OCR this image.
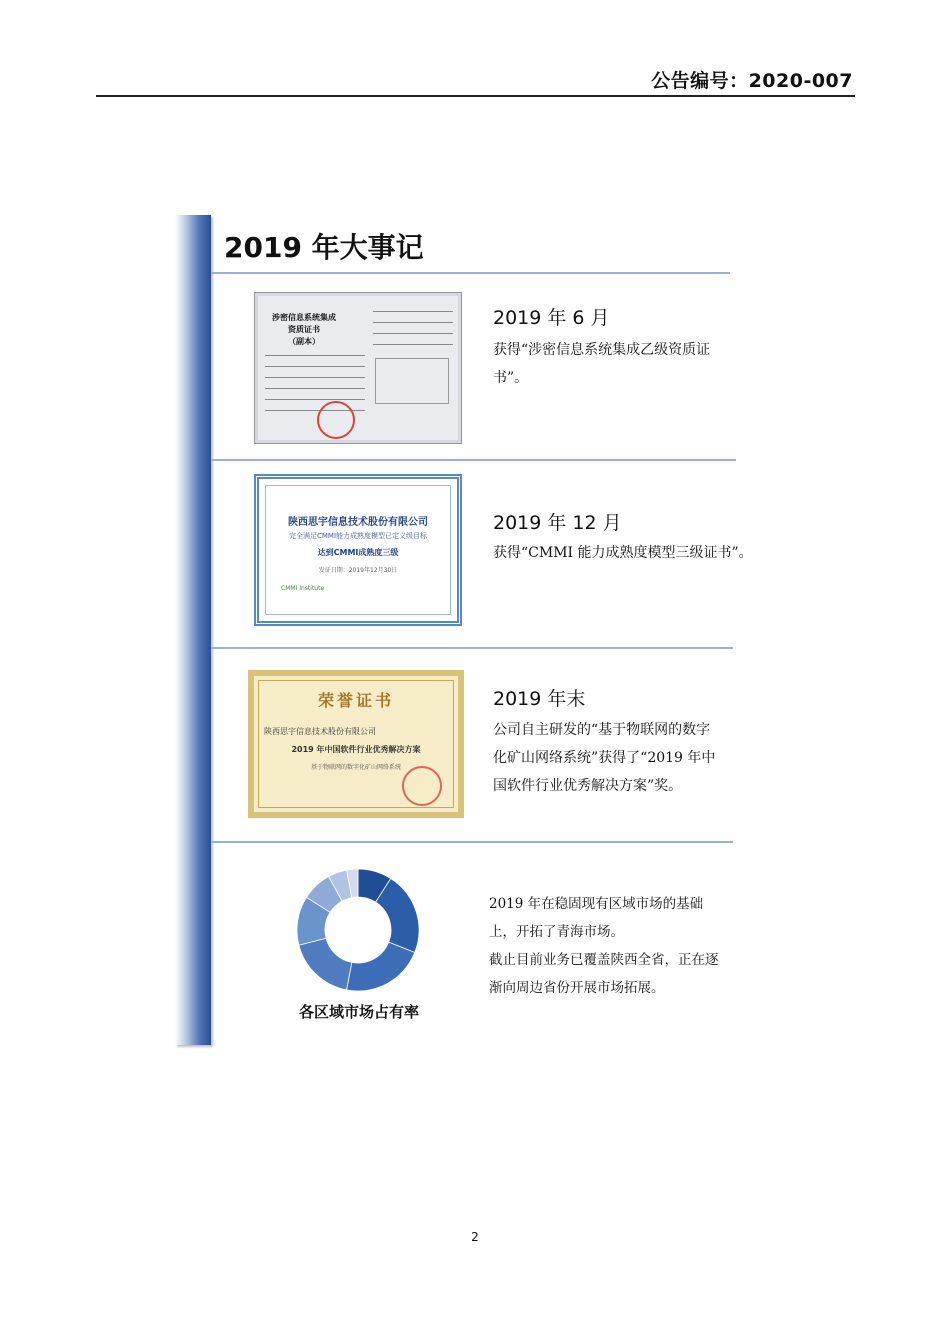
公告编号：2020-007
2019 年大事记
涉密信息系统集成
资质证书
（副本）
2019 年 6 月
获得“涉密信息系统集成乙级资质证
书”。
陕西思宇信息技术股份有限公司
完全满足CMMI能力成熟度模型已定义级目标
达到CMMI成熟度三级
发证日期：2019年12月30日
CMMI Institute
2019 年 12 月
获得“CMMI 能力成熟度模型三级证书”。
荣誉证书
陕西思宇信息技术股份有限公司
2019 年中国软件行业优秀解决方案
基于物联网的数字化矿山网络系统
2019 年末
公司自主研发的“基于物联网的数字
化矿山网络系统”获得了“2019 年中
国软件行业优秀解决方案”奖。
各区域市场占有率

2019 年在稳固现有区域市场的基础上，开拓了青海市场。

截止目前业务已覆盖陕西全省，正在逐渐向周边省份开展市场拓展。

2
